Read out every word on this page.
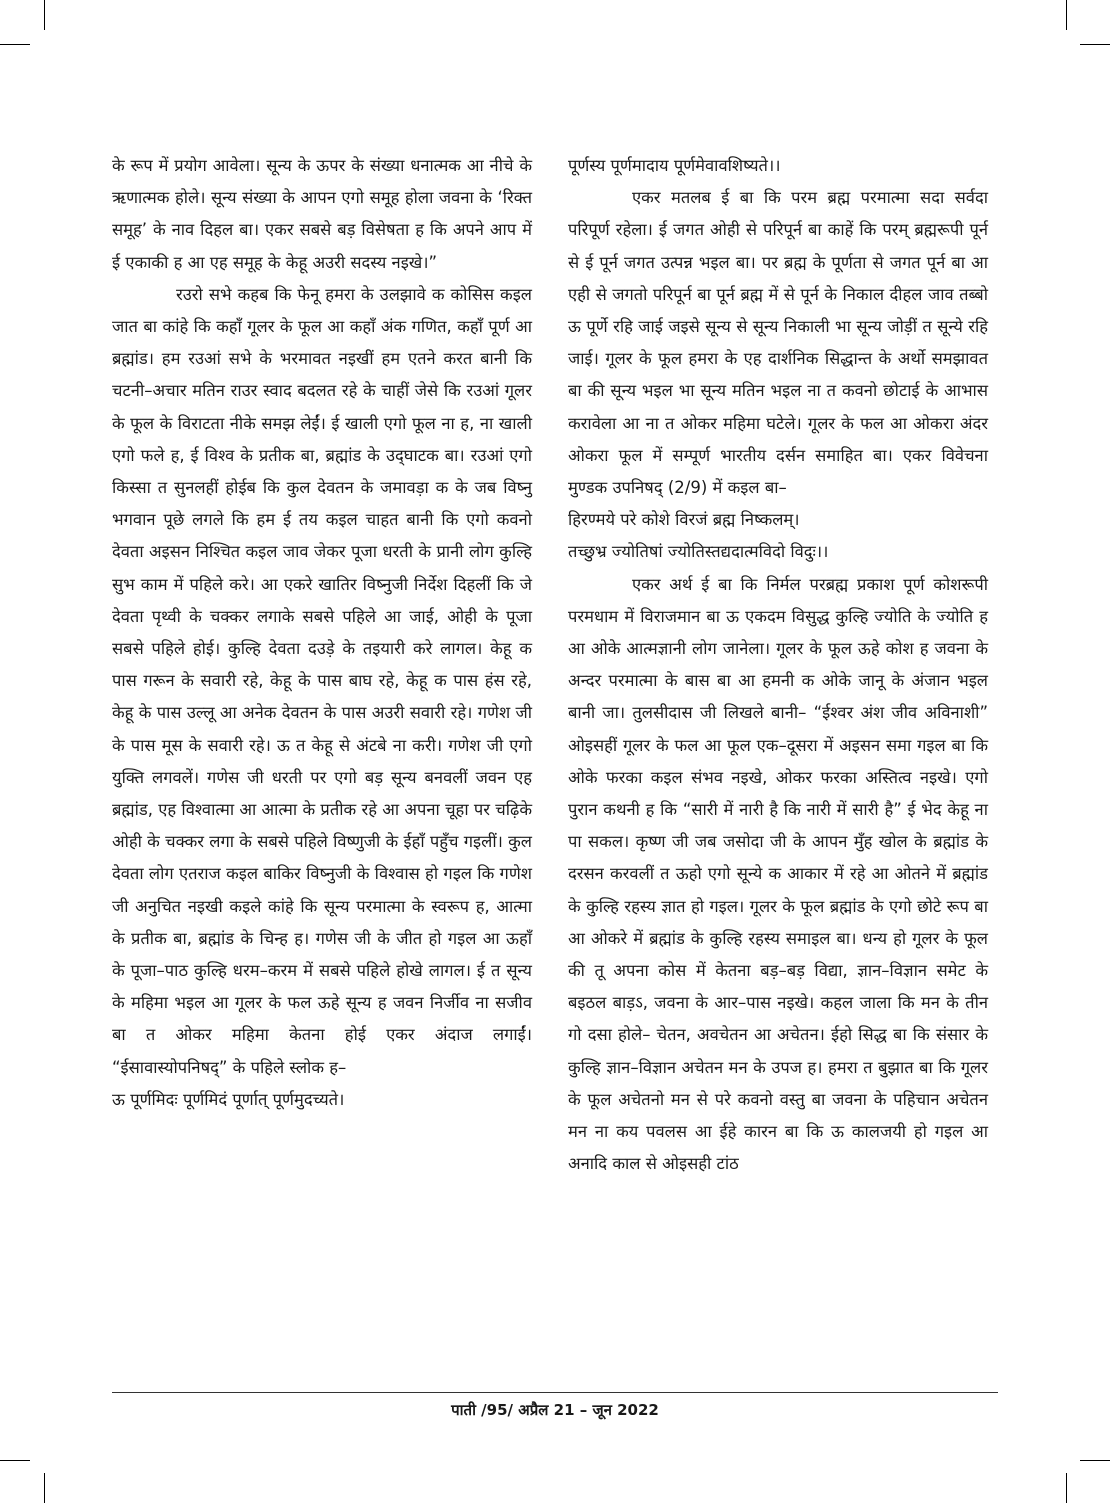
के रूप में प्रयोग आवेला। सून्य के ऊपर के संख्या धनात्मक आ नीचे के ऋणात्मक होले। सून्य संख्या के आपन एगो समूह होला जवना के ‘रिक्त समूह’ के नाव दिहल बा। एकर सबसे बड़ विसेषता ह कि अपने आप में ई एकाकी ह आ एह समूह के केहू अउरी सदस्य नइखे।”

रउरो सभे कहब कि फेनू हमरा के उलझावे क कोसिस कइल जात बा कांहे कि कहाँ गूलर के फूल आ कहाँ अंक गणित, कहाँ पूर्ण आ ब्रह्मांड। हम रउआं सभे के भरमावत नइखीं हम एतने करत बानी कि चटनी–अचार मतिन राउर स्वाद बदलत रहे के चाहीं जेसे कि रउआं गूलर के फूल के विराटता नीके समझ लेईं। ई खाली एगो फूल ना ह, ना खाली एगो फले ह, ई विश्व के प्रतीक बा, ब्रह्मांड के उद्‌घाटक बा। रउआं एगो किस्सा त सुनलहीं होईब कि कुल देवतन के जमावड़ा क के जब विष्नु भगवान पूछे लगले कि हम ई तय कइल चाहत बानी कि एगो कवनो देवता अइसन निश्चित कइल जाव जेकर पूजा धरती के प्रानी लोग कुल्हि सुभ काम में पहिले करे। आ एकरे खातिर विष्नुजी निर्देश दिहलीं कि जे देवता पृथ्वी के चक्कर लगाके सबसे पहिले आ जाई, ओही के पूजा सबसे पहिले होई। कुल्हि देवता दउड़े के तइयारी करे लागल। केहू क पास गरून के सवारी रहे, केहू के पास बाघ रहे, केहू क पास हंस रहे, केहू के पास उल्लू आ अनेक देवतन के पास अउरी सवारी रहे। गणेश जी के पास मूस के सवारी रहे। ऊ त केहू से अंटबे ना करी। गणेश जी एगो युक्ति लगवलें। गणेस जी धरती पर एगो बड़ सून्य बनवलीं जवन एह ब्रह्मांड, एह विश्वात्मा आ आत्मा के प्रतीक रहे आ अपना चूहा पर चढ़िके ओही के चक्कर लगा के सबसे पहिले विष्णुजी के ईहाँ पहुँच गइलीं। कुल देवता लोग एतराज कइल बाकिर विष्नुजी के विश्वास हो गइल कि गणेश जी अनुचित नइखी कइले कांहे कि सून्य परमात्मा के स्वरूप ह, आत्मा के प्रतीक बा, ब्रह्मांड के चिन्ह ह। गणेस जी के जीत हो गइल आ ऊहाँ के पूजा–पाठ कुल्हि धरम–करम में सबसे पहिले होखे लागल। ई त सून्य के महिमा भइल आ गूलर के फल ऊहे सून्य ह जवन निर्जीव ना सजीव बा त ओकर महिमा केतना होई एकर अंदाज लगाईं। “ईसावास्योपनिषद्” के पहिले स्लोक ह–

ऊ पूर्णमिदः पूर्णमिदं पूर्णात् पूर्णमुदच्यते।

पूर्णस्य पूर्णमादाय पूर्णमेवावशिष्यते।।

एकर मतलब ई बा कि परम ब्रह्म परमात्मा सदा सर्वदा परिपूर्ण रहेला। ई जगत ओही से परिपूर्न बा काहें कि परम् ब्रह्मरूपी पूर्न से ई पूर्न जगत उत्पन्न भइल बा। पर ब्रह्म के पूर्णता से जगत पूर्न बा आ एही से जगतो परिपूर्न बा पूर्न ब्रह्म में से पूर्न के निकाल दीहल जाव तब्बो ऊ पूर्णे रहि जाई जइसे सून्य से सून्य निकाली भा सून्य जोड़ीं त सून्ये रहि जाई। गूलर के फूल हमरा के एह दार्शनिक सिद्धान्त के अर्थो समझावत बा की सून्य भइल भा सून्य मतिन भइल ना त कवनो छोटाई के आभास करावेला आ ना त ओकर महिमा घटेले। गूलर के फल आ ओकरा अंदर ओकरा फूल में सम्पूर्ण भारतीय दर्सन समाहित बा। एकर विवेचना मुण्डक उपनिषद् (2/9) में कइल बा–

हिरण्मये परे कोशे विरजं ब्रह्म निष्कलम्।

तच्छुभ्र ज्योतिषां ज्योतिस्तद्यदात्मविदो विदुः।।

एकर अर्थ ई बा कि निर्मल परब्रह्म प्रकाश पूर्ण कोशरूपी परमधाम में विराजमान बा ऊ एकदम विसुद्ध कुल्हि ज्योति के ज्योति ह आ ओके आत्मज्ञानी लोग जानेला। गूलर के फूल ऊहे कोश ह जवना के अन्दर परमात्मा के बास बा आ हमनी क ओके जानू के अंजान भइल बानी जा। तुलसीदास जी लिखले बानी– “ईश्वर अंश जीव अविनाशी” ओइसहीं गूलर के फल आ फूल एक–दूसरा में अइसन समा गइल बा कि ओके फरका कइल संभव नइखे, ओकर फरका अस्तित्व नइखे। एगो पुरान कथनी ह कि “सारी में नारी है कि नारी में सारी है” ई भेद केहू ना पा सकल। कृष्ण जी जब जसोदा जी के आपन मुँह खोल के ब्रह्मांड के दरसन करवलीं त ऊहो एगो सून्ये क आकार में रहे आ ओतने में ब्रह्मांड के कुल्हि रहस्य ज्ञात हो गइल। गूलर के फूल ब्रह्मांड के एगो छोटे रूप बा आ ओकरे में ब्रह्मांड के कुल्हि रहस्य समाइल बा। धन्य हो गूलर के फूल की तू अपना कोस में केतना बड़–बड़ विद्या, ज्ञान–विज्ञान समेट के बइठल बाड़ऽ, जवना के आर–पास नइखे। कहल जाला कि मन के तीन गो दसा होले– चेतन, अवचेतन आ अचेतन। ईहो सिद्ध बा कि संसार के कुल्हि ज्ञान–विज्ञान अचेतन मन के उपज ह। हमरा त बुझात बा कि गूलर के फूल अचेतनो मन से परे कवनो वस्तु बा जवना के पहिचान अचेतन मन ना कय पवलस आ ईहे कारन बा कि ऊ कालजयी हो गइल आ अनादि काल से ओइसही टांठ

पाती /95/ अप्रैल 21 – जून 2022
